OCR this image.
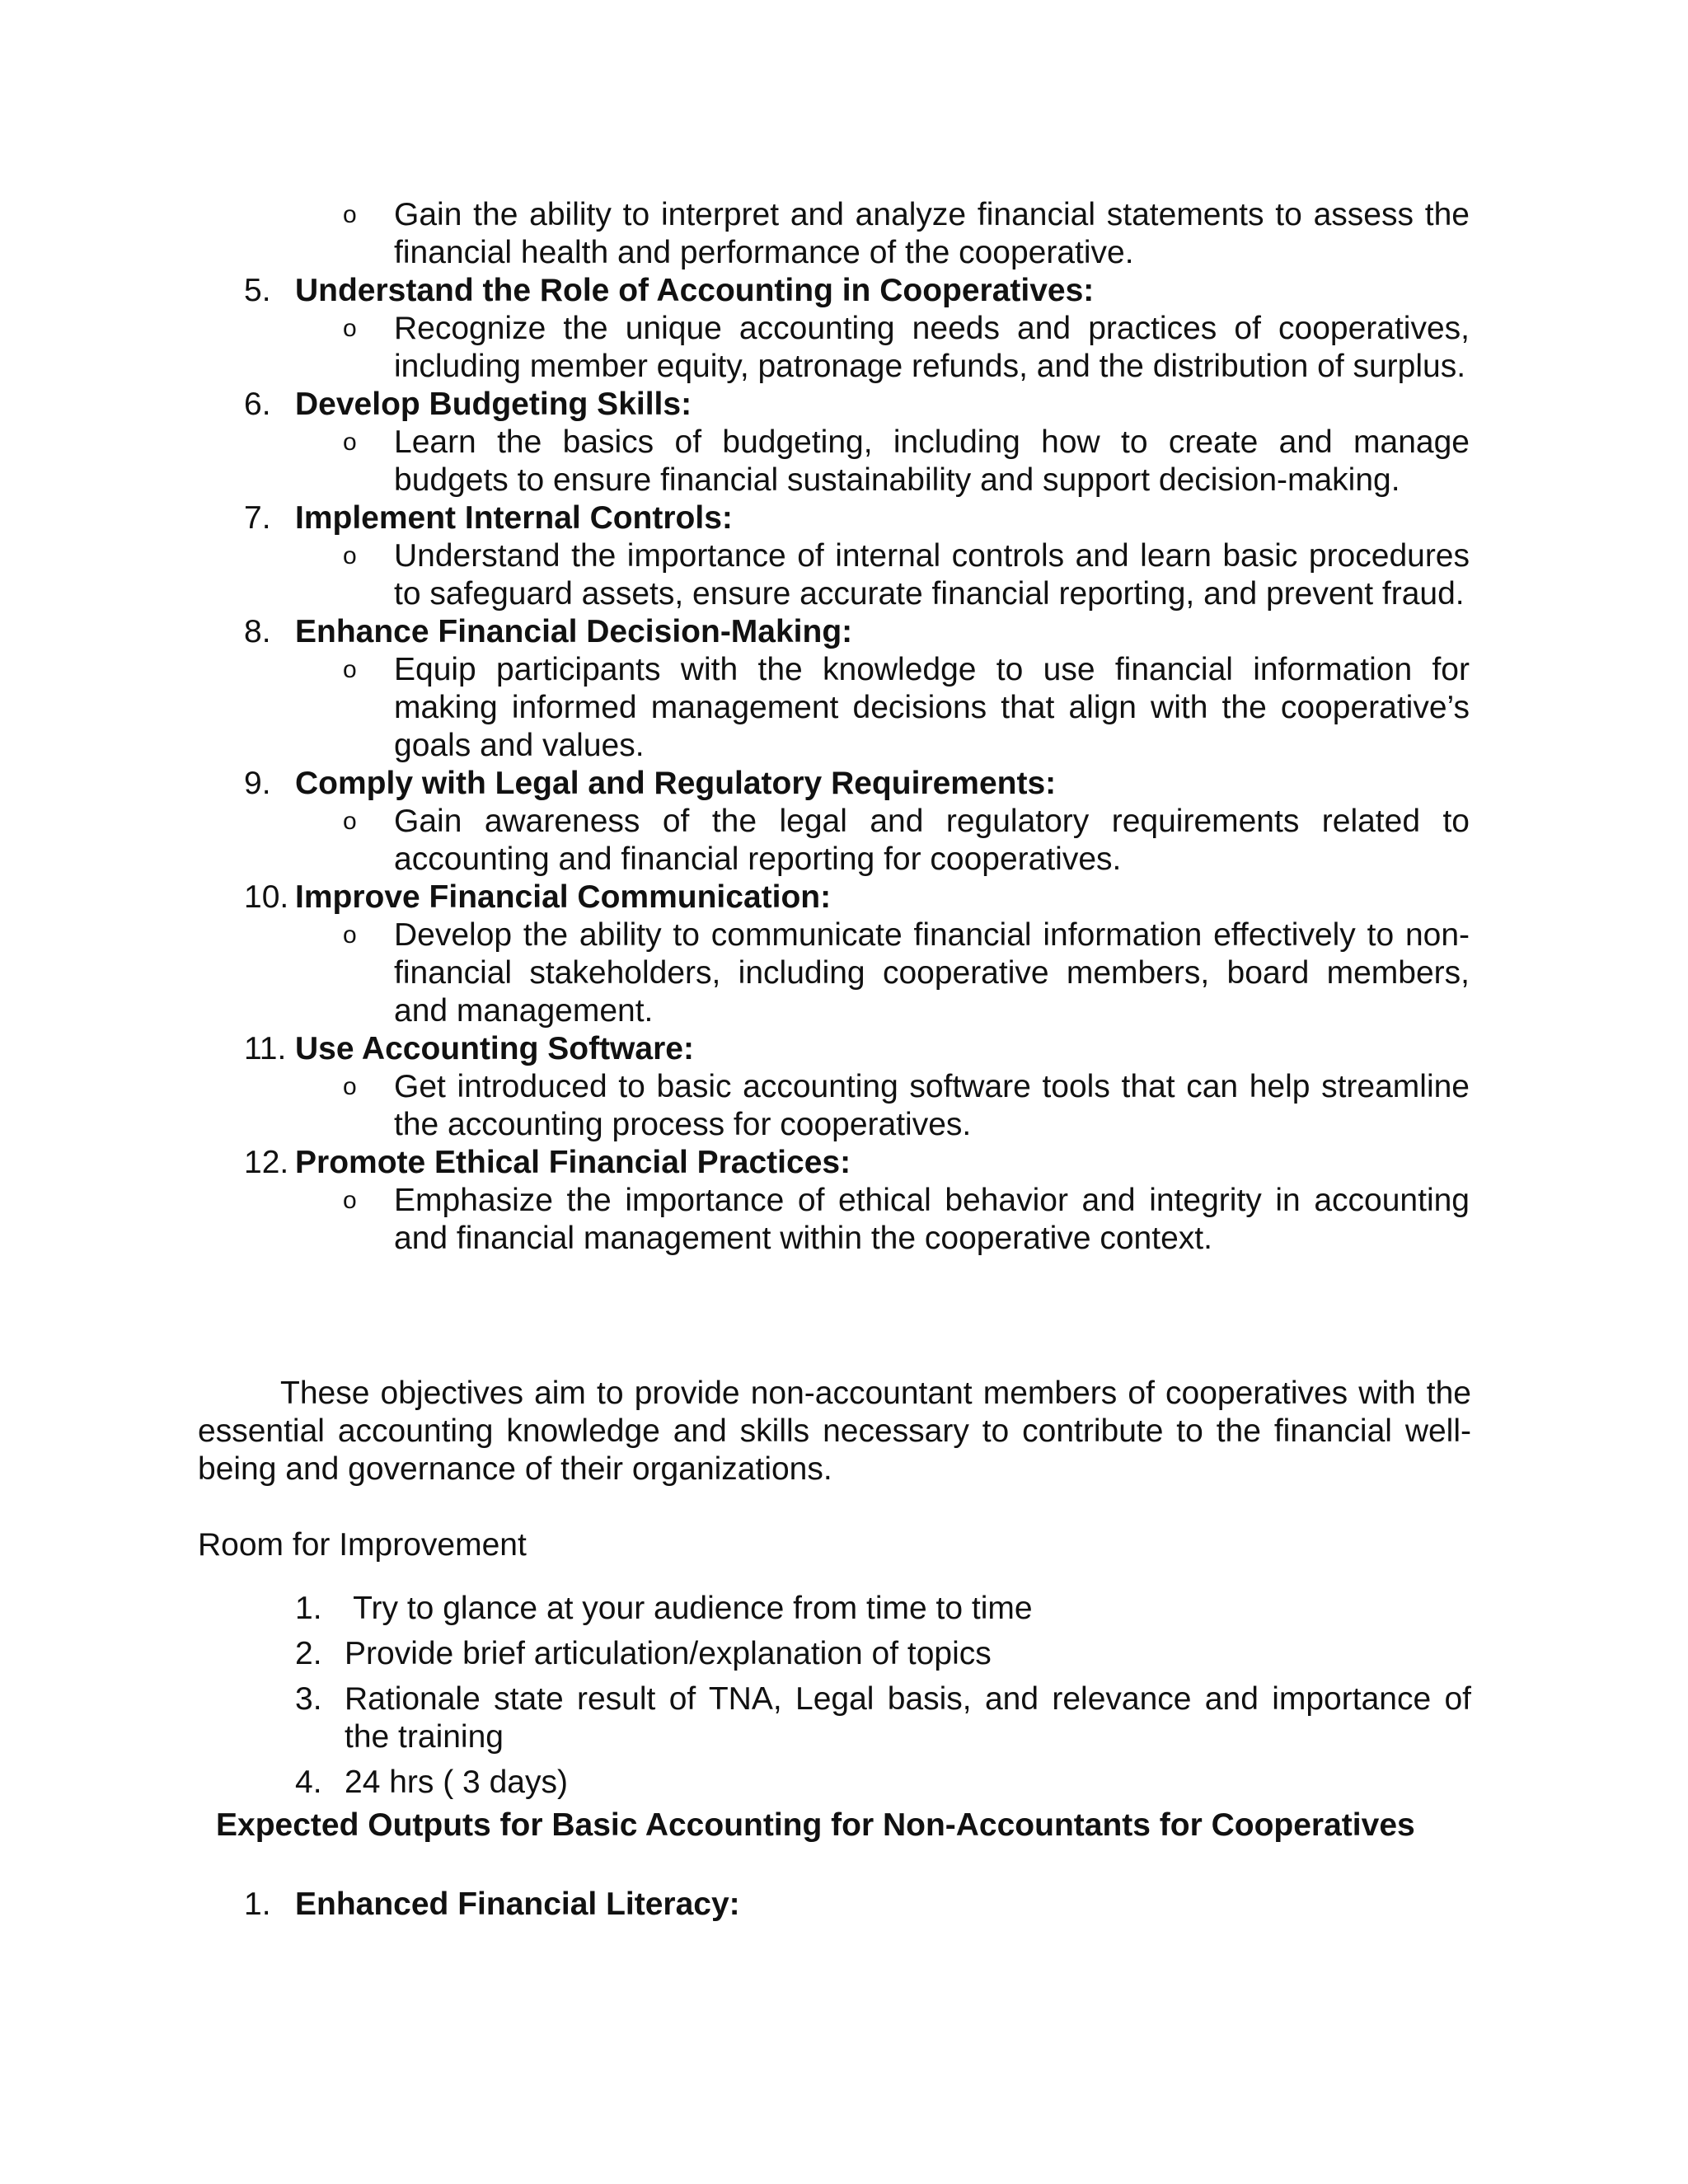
o Gain the ability to interpret and analyze financial statements to assess the financial health and performance of the cooperative.
5. Understand the Role of Accounting in Cooperatives:
o Recognize the unique accounting needs and practices of cooperatives, including member equity, patronage refunds, and the distribution of surplus.
6. Develop Budgeting Skills:
o Learn the basics of budgeting, including how to create and manage budgets to ensure financial sustainability and support decision-making.
7. Implement Internal Controls:
o Understand the importance of internal controls and learn basic procedures to safeguard assets, ensure accurate financial reporting, and prevent fraud.
8. Enhance Financial Decision-Making:
o Equip participants with the knowledge to use financial information for making informed management decisions that align with the cooperative’s goals and values.
9. Comply with Legal and Regulatory Requirements:
o Gain awareness of the legal and regulatory requirements related to accounting and financial reporting for cooperatives.
10. Improve Financial Communication:
o Develop the ability to communicate financial information effectively to non-financial stakeholders, including cooperative members, board members, and management.
11. Use Accounting Software:
o Get introduced to basic accounting software tools that can help streamline the accounting process for cooperatives.
12. Promote Ethical Financial Practices:
o Emphasize the importance of ethical behavior and integrity in accounting and financial management within the cooperative context.
These objectives aim to provide non-accountant members of cooperatives with the essential accounting knowledge and skills necessary to contribute to the financial well-being and governance of their organizations.
Room for Improvement
1. Try to glance at your audience from time to time
2. Provide brief articulation/explanation of topics
3. Rationale state result of TNA, Legal basis, and relevance and importance of the training
4. 24 hrs ( 3 days)
Expected Outputs for Basic Accounting for Non-Accountants for Cooperatives
1. Enhanced Financial Literacy:
